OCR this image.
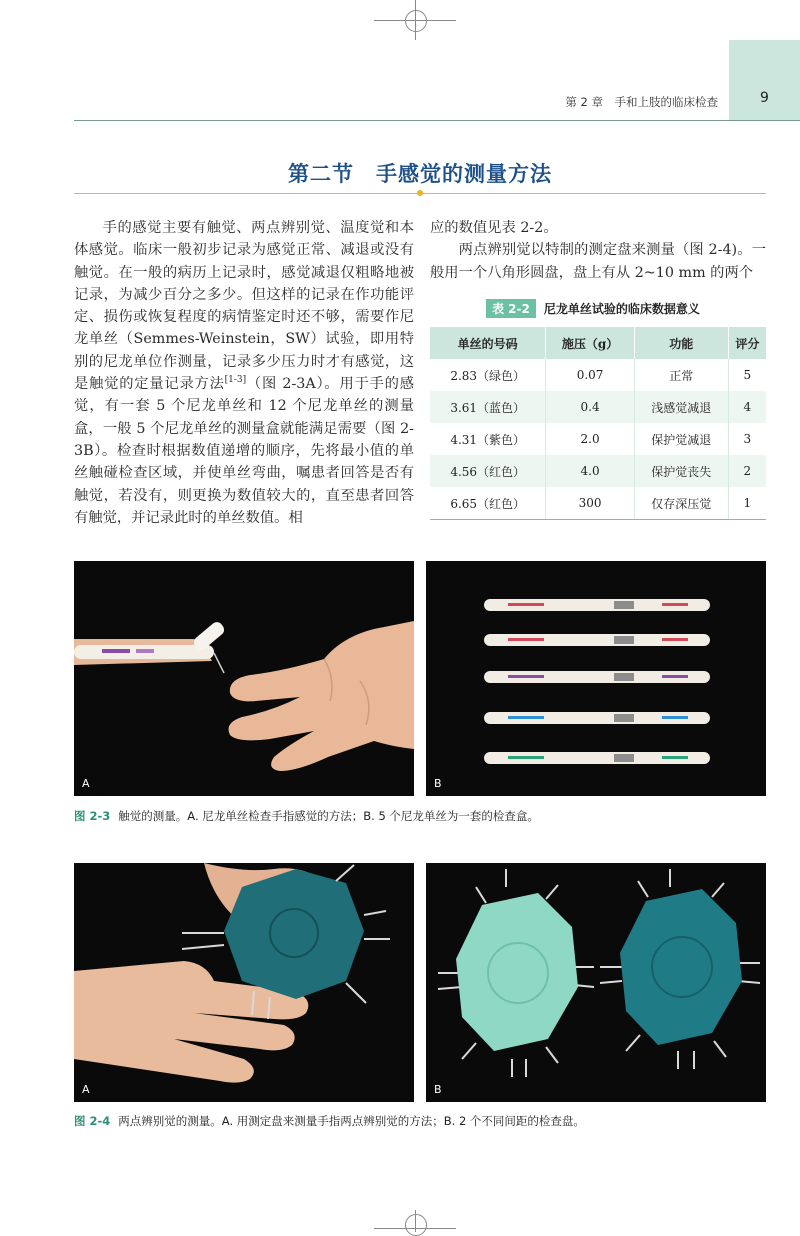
9
第 2 章　手和上肢的临床检查
第二节　手感觉的测量方法

手的感觉主要有触觉、两点辨别觉、温度觉和本体感觉。临床一般初步记录为感觉正常、减退或没有触觉。在一般的病历上记录时，感觉减退仅粗略地被记录，为减少百分之多少。但这样的记录在作功能评定、损伤或恢复程度的病情鉴定时还不够，需要作尼龙单丝（Semmes-Weinstein，SW）试验，即用特别的尼龙单位作测量，记录多少压力时才有感觉，这是触觉的定量记录方法[1-3]（图 2-3A）。用于手的感觉，有一套 5 个尼龙单丝和 12 个尼龙单丝的测量盒，一般 5 个尼龙单丝的测量盒就能满足需要（图 2-3B）。检查时根据数值递增的顺序，先将最小值的单丝触碰检查区域，并使单丝弯曲，嘱患者回答是否有触觉，若没有，则更换为数值较大的，直至患者回答有触觉，并记录此时的单丝数值。相

应的数值见表 2-2。

两点辨别觉以特制的测定盘来测量（图 2-4)。一般用一个八角形圆盘，盘上有从 2~10 mm 的两个

表 2-2 尼龙单丝试验的临床数据意义
单丝的号码	施压（g）	功能	评分
2.83（绿色）	0.07	正常	5
3.61（蓝色）	0.4	浅感觉减退	4
4.31（紫色）	2.0	保护觉减退	3
4.56（红色）	4.0	保护觉丧失	2
6.65（红色）	300	仅存深压觉	1
A	B
图 2-3 触觉的测量。A. 尼龙单丝检查手指感觉的方法；B. 5 个尼龙单丝为一套的检查盒。
A	B
图 2-4 两点辨别觉的测量。A. 用测定盘来测量手指两点辨别觉的方法；B. 2 个不同间距的检查盘。
